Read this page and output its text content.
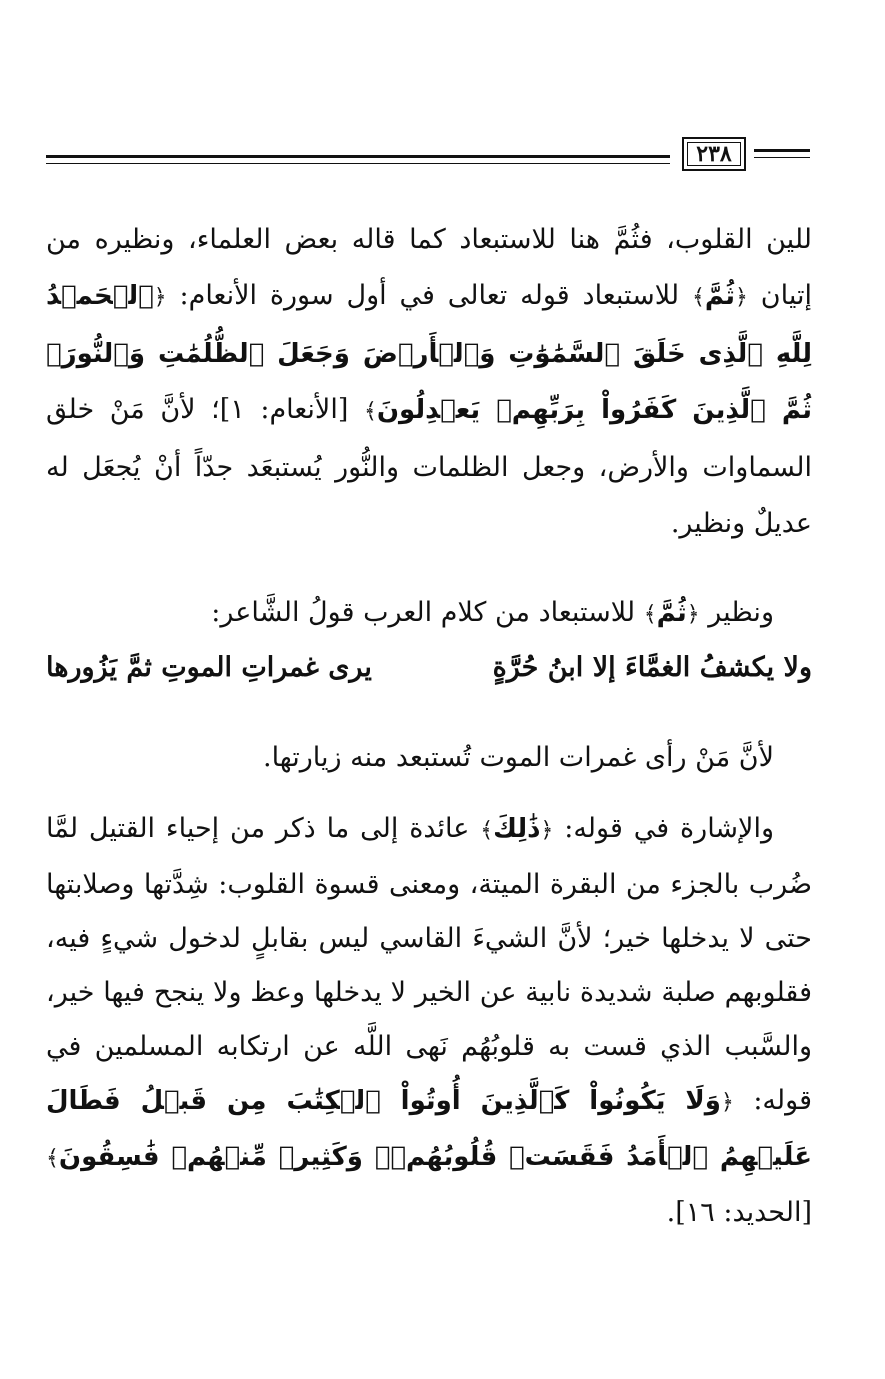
٢٣٨

للين القلوب، فثُمَّ هنا للاستبعاد كما قاله بعض العلماء، ونظيره من إتيان ﴿ثُمَّ﴾ للاستبعاد قوله تعالى في أول سورة الأنعام: ﴿ٱلۡحَمۡدُ لِلَّهِ ٱلَّذِى خَلَقَ ٱلسَّمَٰوَٰتِ وَٱلۡأَرۡضَ وَجَعَلَ ٱلظُّلُمَٰتِ وَٱلنُّورَۖ ثُمَّ ٱلَّذِينَ كَفَرُواْ بِرَبِّهِمۡ يَعۡدِلُونَ﴾ [الأنعام: ١]؛ لأنَّ مَنْ خلق السماوات والأرض، وجعل الظلمات والنُّور يُستبعَد جدّاً أنْ يُجعَل له عديلٌ ونظير.

ونظير ﴿ثُمَّ﴾ للاستبعاد من كلام العرب قولُ الشَّاعر:

ولا يكشفُ الغمَّاءَ إلا ابنُ حُرَّةٍ
يرى غمراتِ الموتِ ثمَّ يَزُورها

لأنَّ مَنْ رأى غمرات الموت تُستبعد منه زيارتها.

والإشارة في قوله: ﴿ذَٰلِكَ﴾ عائدة إلى ما ذكر من إحياء القتيل لمَّا ضُرب بالجزء من البقرة الميتة، ومعنى قسوة القلوب: شِدَّتها وصلابتها حتى لا يدخلها خير؛ لأنَّ الشيءَ القاسي ليس بقابلٍ لدخول شيءٍ فيه، فقلوبهم صلبة شديدة نابية عن الخير لا يدخلها وعظ ولا ينجح فيها خير، والسَّبب الذي قست به قلوبُهُم نَهى اللَّه عن ارتكابه المسلمين في قوله: ﴿وَلَا يَكُونُواْ كَٱلَّذِينَ أُوتُواْ ٱلۡكِتَٰبَ مِن قَبۡلُ فَطَالَ عَلَيۡهِمُ ٱلۡأَمَدُ فَقَسَتۡ قُلُوبُهُمۡۖ وَكَثِيرٞ مِّنۡهُمۡ فَٰسِقُونَ﴾ [الحديد: ١٦].
